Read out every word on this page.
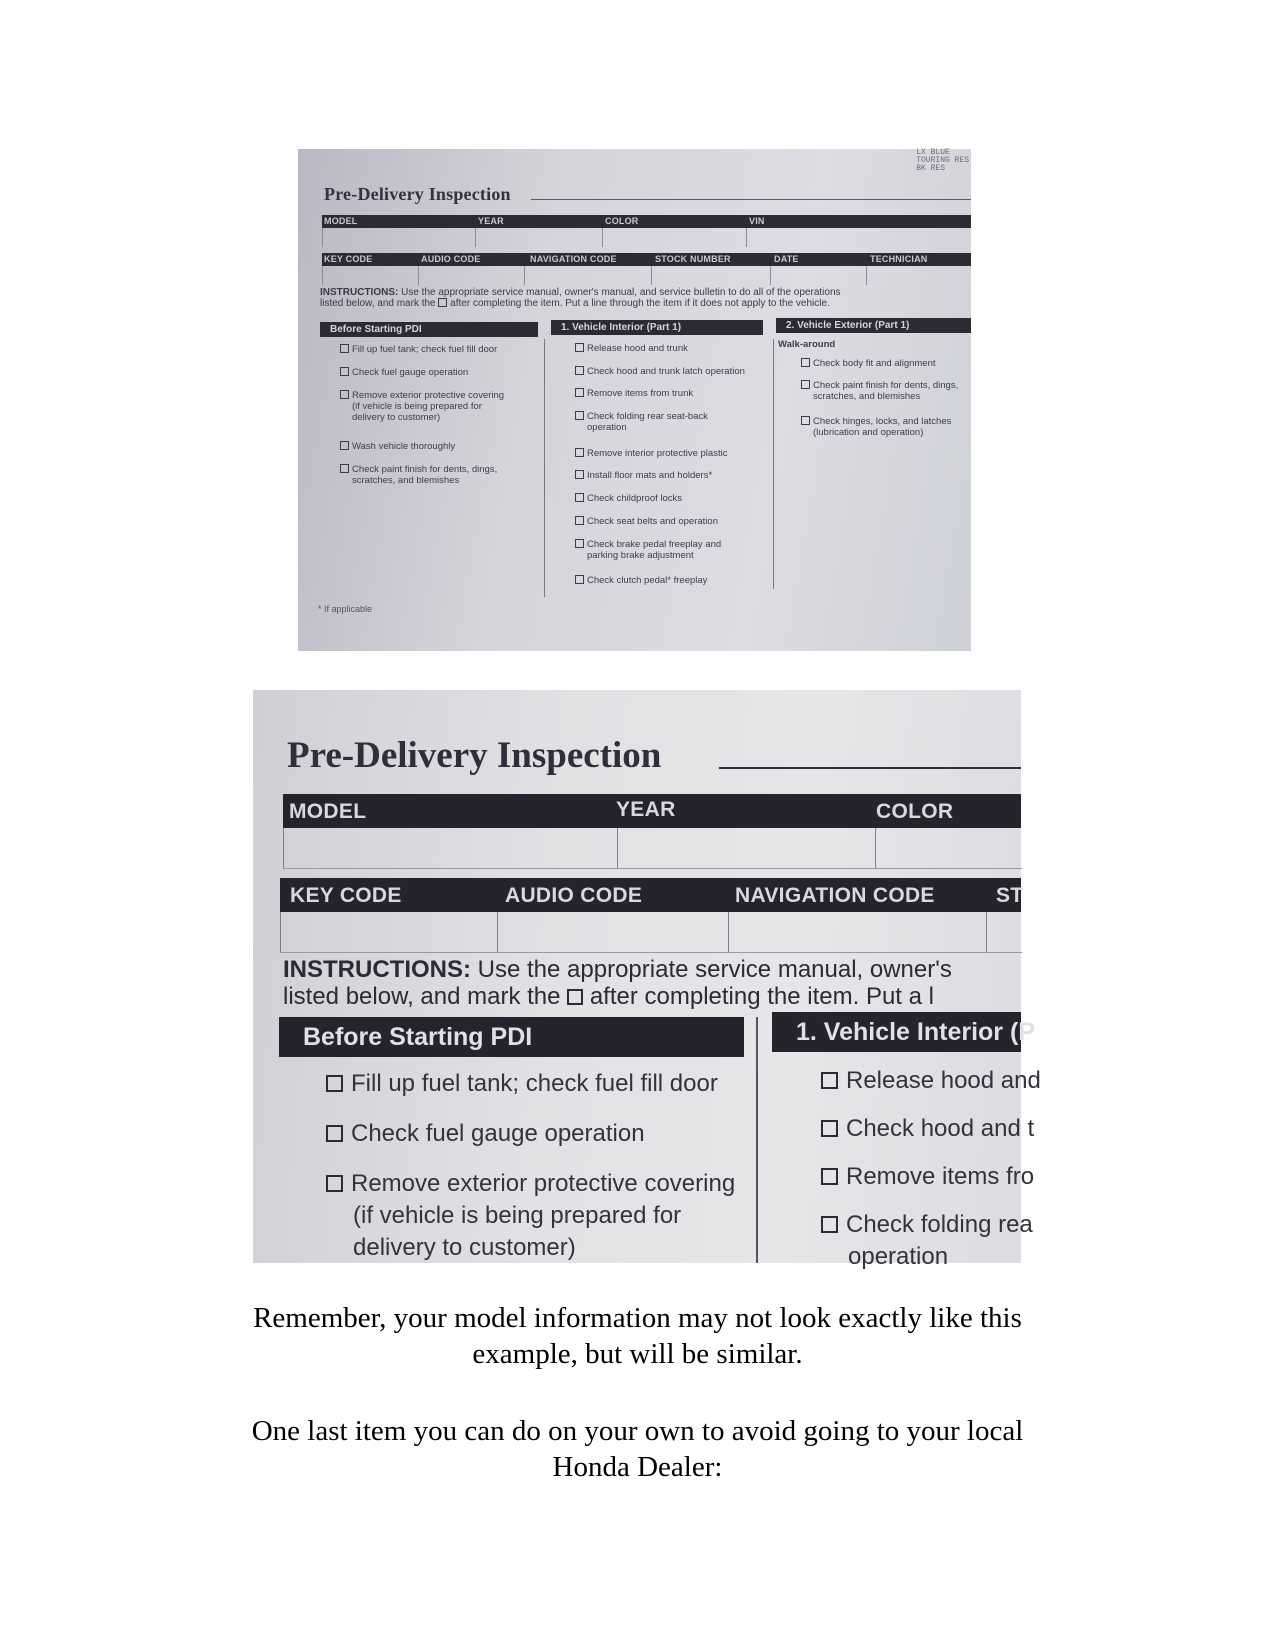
LX BLUE
TOURING RES
BK RES
Pre-Delivery Inspection
MODEL	YEAR	COLOR	VIN
KEY CODE	AUDIO CODE	NAVIGATION CODE	STOCK NUMBER	DATE	TECHNICIAN
INSTRUCTIONS: Use the appropriate service manual, owner's manual, and service bulletin to do all of the operations
listed below, and mark the  after completing the item. Put a line through the item if it does not apply to the vehicle.
Before Starting PDI	1. Vehicle Interior (Part 1)	2. Vehicle Exterior (Part 1)
Fill up fuel tank; check fuel fill door
Check fuel gauge operation
Remove exterior protective covering
(if vehicle is being prepared for
delivery to customer)
Wash vehicle thoroughly
Check paint finish for dents, dings,
scratches, and blemishes
Release hood and trunk
Check hood and trunk latch operation
Remove items from trunk
Check folding rear seat-back
operation
Remove interior protective plastic
Install floor mats and holders*
Check childproof locks
Check seat belts and operation
Check brake pedal freeplay and
parking brake adjustment
Check clutch pedal* freeplay
Walk-around
Check body fit and alignment
Check paint finish for dents, dings,
scratches, and blemishes
Check hinges, locks, and latches
(lubrication and operation)
* If applicable
Pre-Delivery Inspection
MODEL	YEAR	COLOR
KEY CODE	AUDIO CODE	NAVIGATION CODE	ST
INSTRUCTIONS: Use the appropriate service manual, owner's
listed below, and mark the  after completing the item. Put a l
Before Starting PDI	1. Vehicle Interior (P
Fill up fuel tank; check fuel fill door
Check fuel gauge operation
Remove exterior protective covering
(if vehicle is being prepared for
delivery to customer)
Release hood and
Check hood and t
Remove items fro
Check folding rea
operation
Remember, your model information may not look exactly like this
example, but will be similar.
One last item you can do on your own to avoid going to your local
Honda Dealer:
